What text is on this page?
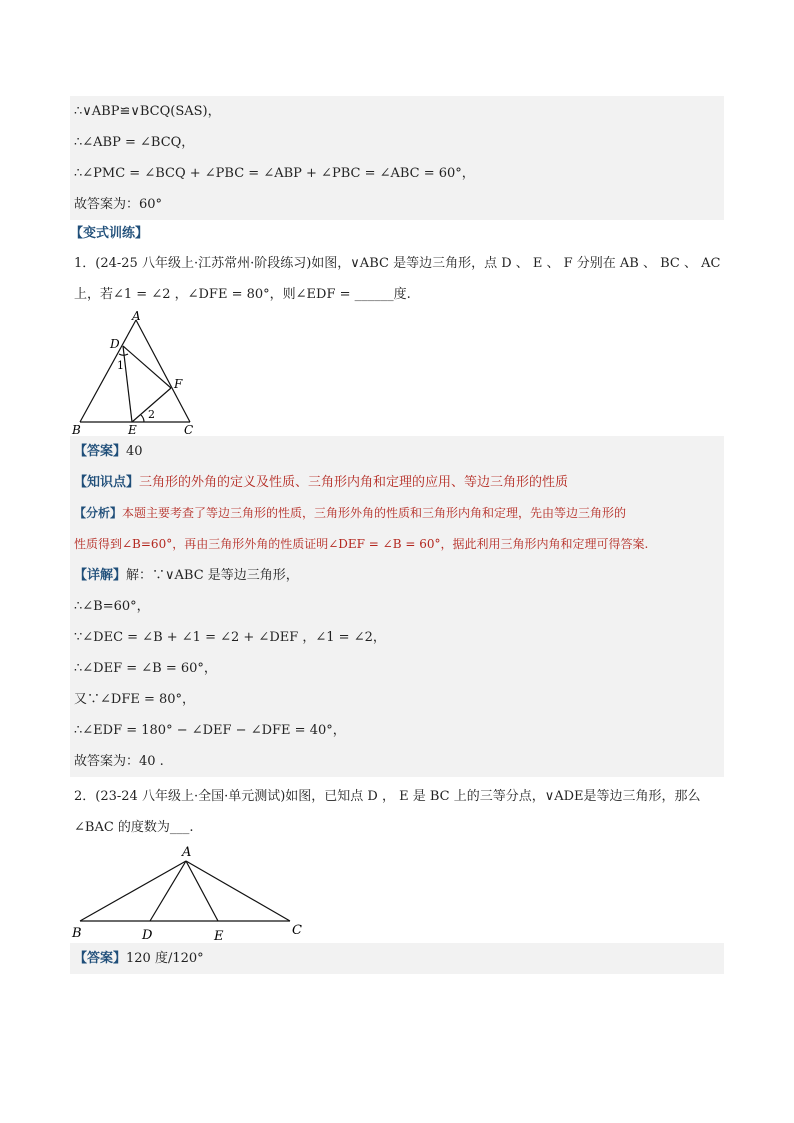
∴∨ABP≌∨BCQ(SAS)，
∴∠ABP = ∠BCQ，
∴∠PMC = ∠BCQ + ∠PBC = ∠ABP + ∠PBC = ∠ABC = 60°，
故答案为：60°
【变式训练】
1．(24-25 八年级上·江苏常州·阶段练习)如图，∨ABC 是等边三角形，点 D 、 E 、 F 分别在 AB 、 BC 、 AC
上，若∠1 = ∠2 ，∠DFE = 80°，则∠EDF = ______度.
A
D
1
F
2
B	E	C
【答案】40
【知识点】三角形的外角的定义及性质、三角形内角和定理的应用、等边三角形的性质
【分析】本题主要考查了等边三角形的性质，三角形外角的性质和三角形内角和定理，先由等边三角形的
性质得到∠B=60°，再由三角形外角的性质证明∠DEF = ∠B = 60°，据此利用三角形内角和定理可得答案.
【详解】解：∵∨ABC 是等边三角形，
∴∠B=60°，
∵∠DEC = ∠B + ∠1 = ∠2 + ∠DEF ，∠1 = ∠2，
∴∠DEF = ∠B = 60°，
又∵∠DFE = 80°，
∴∠EDF = 180° − ∠DEF − ∠DFE = 40°，
故答案为：40 .
2．(23-24 八年级上·全国·单元测试)如图，已知点 D ， E 是 BC 上的三等分点，∨ADE是等边三角形，那么
∠BAC 的度数为___.
A
B	D	E	C
【答案】120 度/120°
